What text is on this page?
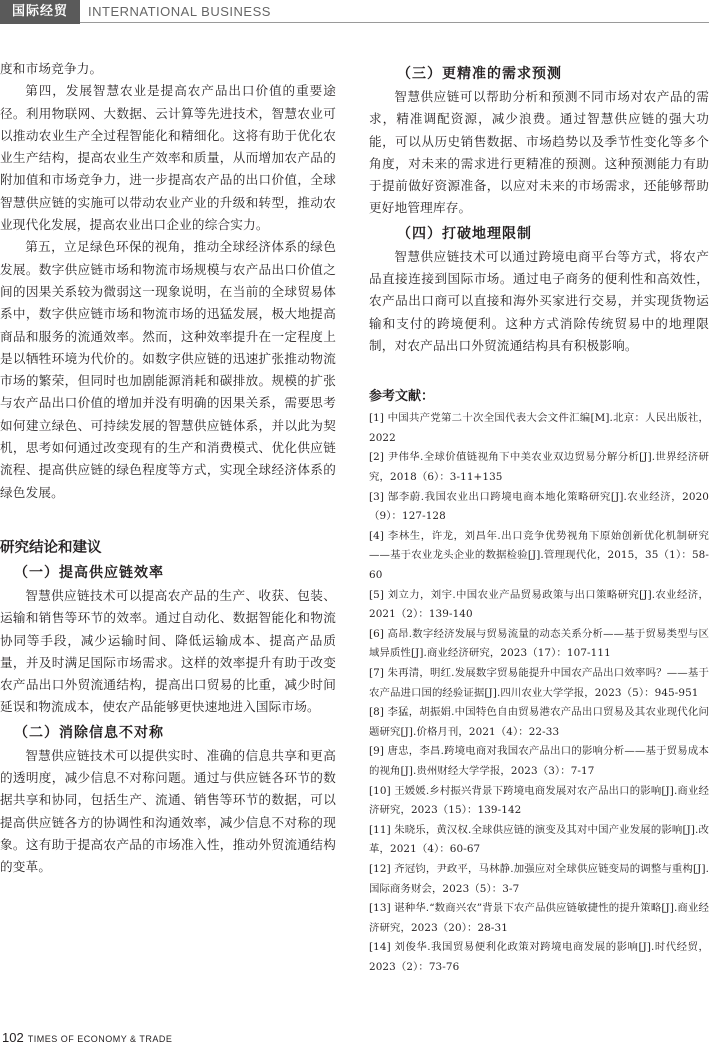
国际经贸	INTERNATIONAL BUSINESS

度和市场竞争力。

第四，发展智慧农业是提高农产品出口价值的重要途径。利用物联网、大数据、云计算等先进技术，智慧农业可以推动农业生产全过程智能化和精细化。这将有助于优化农业生产结构，提高农业生产效率和质量，从而增加农产品的附加值和市场竞争力，进一步提高农产品的出口价值，全球智慧供应链的实施可以带动农业产业的升级和转型，推动农业现代化发展，提高农业出口企业的综合实力。

第五，立足绿色环保的视角，推动全球经济体系的绿色发展。数字供应链市场和物流市场规模与农产品出口价值之间的因果关系较为微弱这一现象说明，在当前的全球贸易体系中，数字供应链市场和物流市场的迅猛发展，极大地提高商品和服务的流通效率。然而，这种效率提升在一定程度上是以牺牲环境为代价的。如数字供应链的迅速扩张推动物流市场的繁荣，但同时也加剧能源消耗和碳排放。规模的扩张与农产品出口价值的增加并没有明确的因果关系，需要思考如何建立绿色、可持续发展的智慧供应链体系，并以此为契机，思考如何通过改变现有的生产和消费模式、优化供应链流程、提高供应链的绿色程度等方式，实现全球经济体系的绿色发展。

研究结论和建议
（一）提高供应链效率

智慧供应链技术可以提高农产品的生产、收获、包装、运输和销售等环节的效率。通过自动化、数据智能化和物流协同等手段，减少运输时间、降低运输成本、提高产品质量，并及时满足国际市场需求。这样的效率提升有助于改变农产品出口外贸流通结构，提高出口贸易的比重，减少时间延误和物流成本，使农产品能够更快速地进入国际市场。

（二）消除信息不对称

智慧供应链技术可以提供实时、准确的信息共享和更高的透明度，减少信息不对称问题。通过与供应链各环节的数据共享和协同，包括生产、流通、销售等环节的数据，可以提高供应链各方的协调性和沟通效率，减少信息不对称的现象。这有助于提高农产品的市场准入性，推动外贸流通结构的变革。

（三）更精准的需求预测

智慧供应链可以帮助分析和预测不同市场对农产品的需求，精准调配资源，减少浪费。通过智慧供应链的强大功能，可以从历史销售数据、市场趋势以及季节性变化等多个角度，对未来的需求进行更精准的预测。这种预测能力有助于提前做好资源准备，以应对未来的市场需求，还能够帮助更好地管理库存。

（四）打破地理限制

智慧供应链技术可以通过跨境电商平台等方式，将农产品直接连接到国际市场。通过电子商务的便利性和高效性，农产品出口商可以直接和海外买家进行交易，并实现货物运输和支付的跨境便利。这种方式消除传统贸易中的地理限制，对农产品出口外贸流通结构具有积极影响。

参考文献：

[1] 中国共产党第二十次全国代表大会文件汇编[M].北京：人民出版社，2022

[2] 尹伟华.全球价值链视角下中美农业双边贸易分解分析[J].世界经济研究，2018（6）：3-11+135

[3] 郜李蔚.我国农业出口跨境电商本地化策略研究[J].农业经济，2020（9）：127-128

[4] 李林生，许龙，刘昌年.出口竞争优势视角下原始创新优化机制研究——基于农业龙头企业的数据检验[J].管理现代化，2015，35（1）：58-60

[5] 刘立力，刘宇.中国农业产品贸易政策与出口策略研究[J].农业经济，2021（2）：139-140

[6] 高昂.数字经济发展与贸易流量的动态关系分析——基于贸易类型与区域异质性[J].商业经济研究，2023（17）：107-111

[7] 朱再清，明红.发展数字贸易能提升中国农产品出口效率吗？——基于农产品进口国的经验证据[J].四川农业大学学报，2023（5）：945-951

[8] 李猛，胡振娟.中国特色自由贸易港农产品出口贸易及其农业现代化问题研究[J].价格月刊，2021（4）：22-33

[9] 唐忠，李昌.跨境电商对我国农产品出口的影响分析——基于贸易成本的视角[J].贵州财经大学学报，2023（3）：7-17

[10] 王媛媛.乡村振兴背景下跨境电商发展对农产品出口的影响[J].商业经济研究，2023（15）：139-142

[11] 朱晓乐，黄汉权.全球供应链的演变及其对中国产业发展的影响[J].改革，2021（4）：60-67

[12] 齐冠钧，尹政平，马林静.加强应对全球供应链变局的调整与重构[J].国际商务财会，2023（5）：3-7

[13] 谌种华.“数商兴农”背景下农产品供应链敏捷性的提升策略[J].商业经济研究，2023（20）：28-31

[14] 刘俊华.我国贸易便利化政策对跨境电商发展的影响[J].时代经贸，2023（2）：73-76

102 TIMES OF ECONOMY & TRADE
